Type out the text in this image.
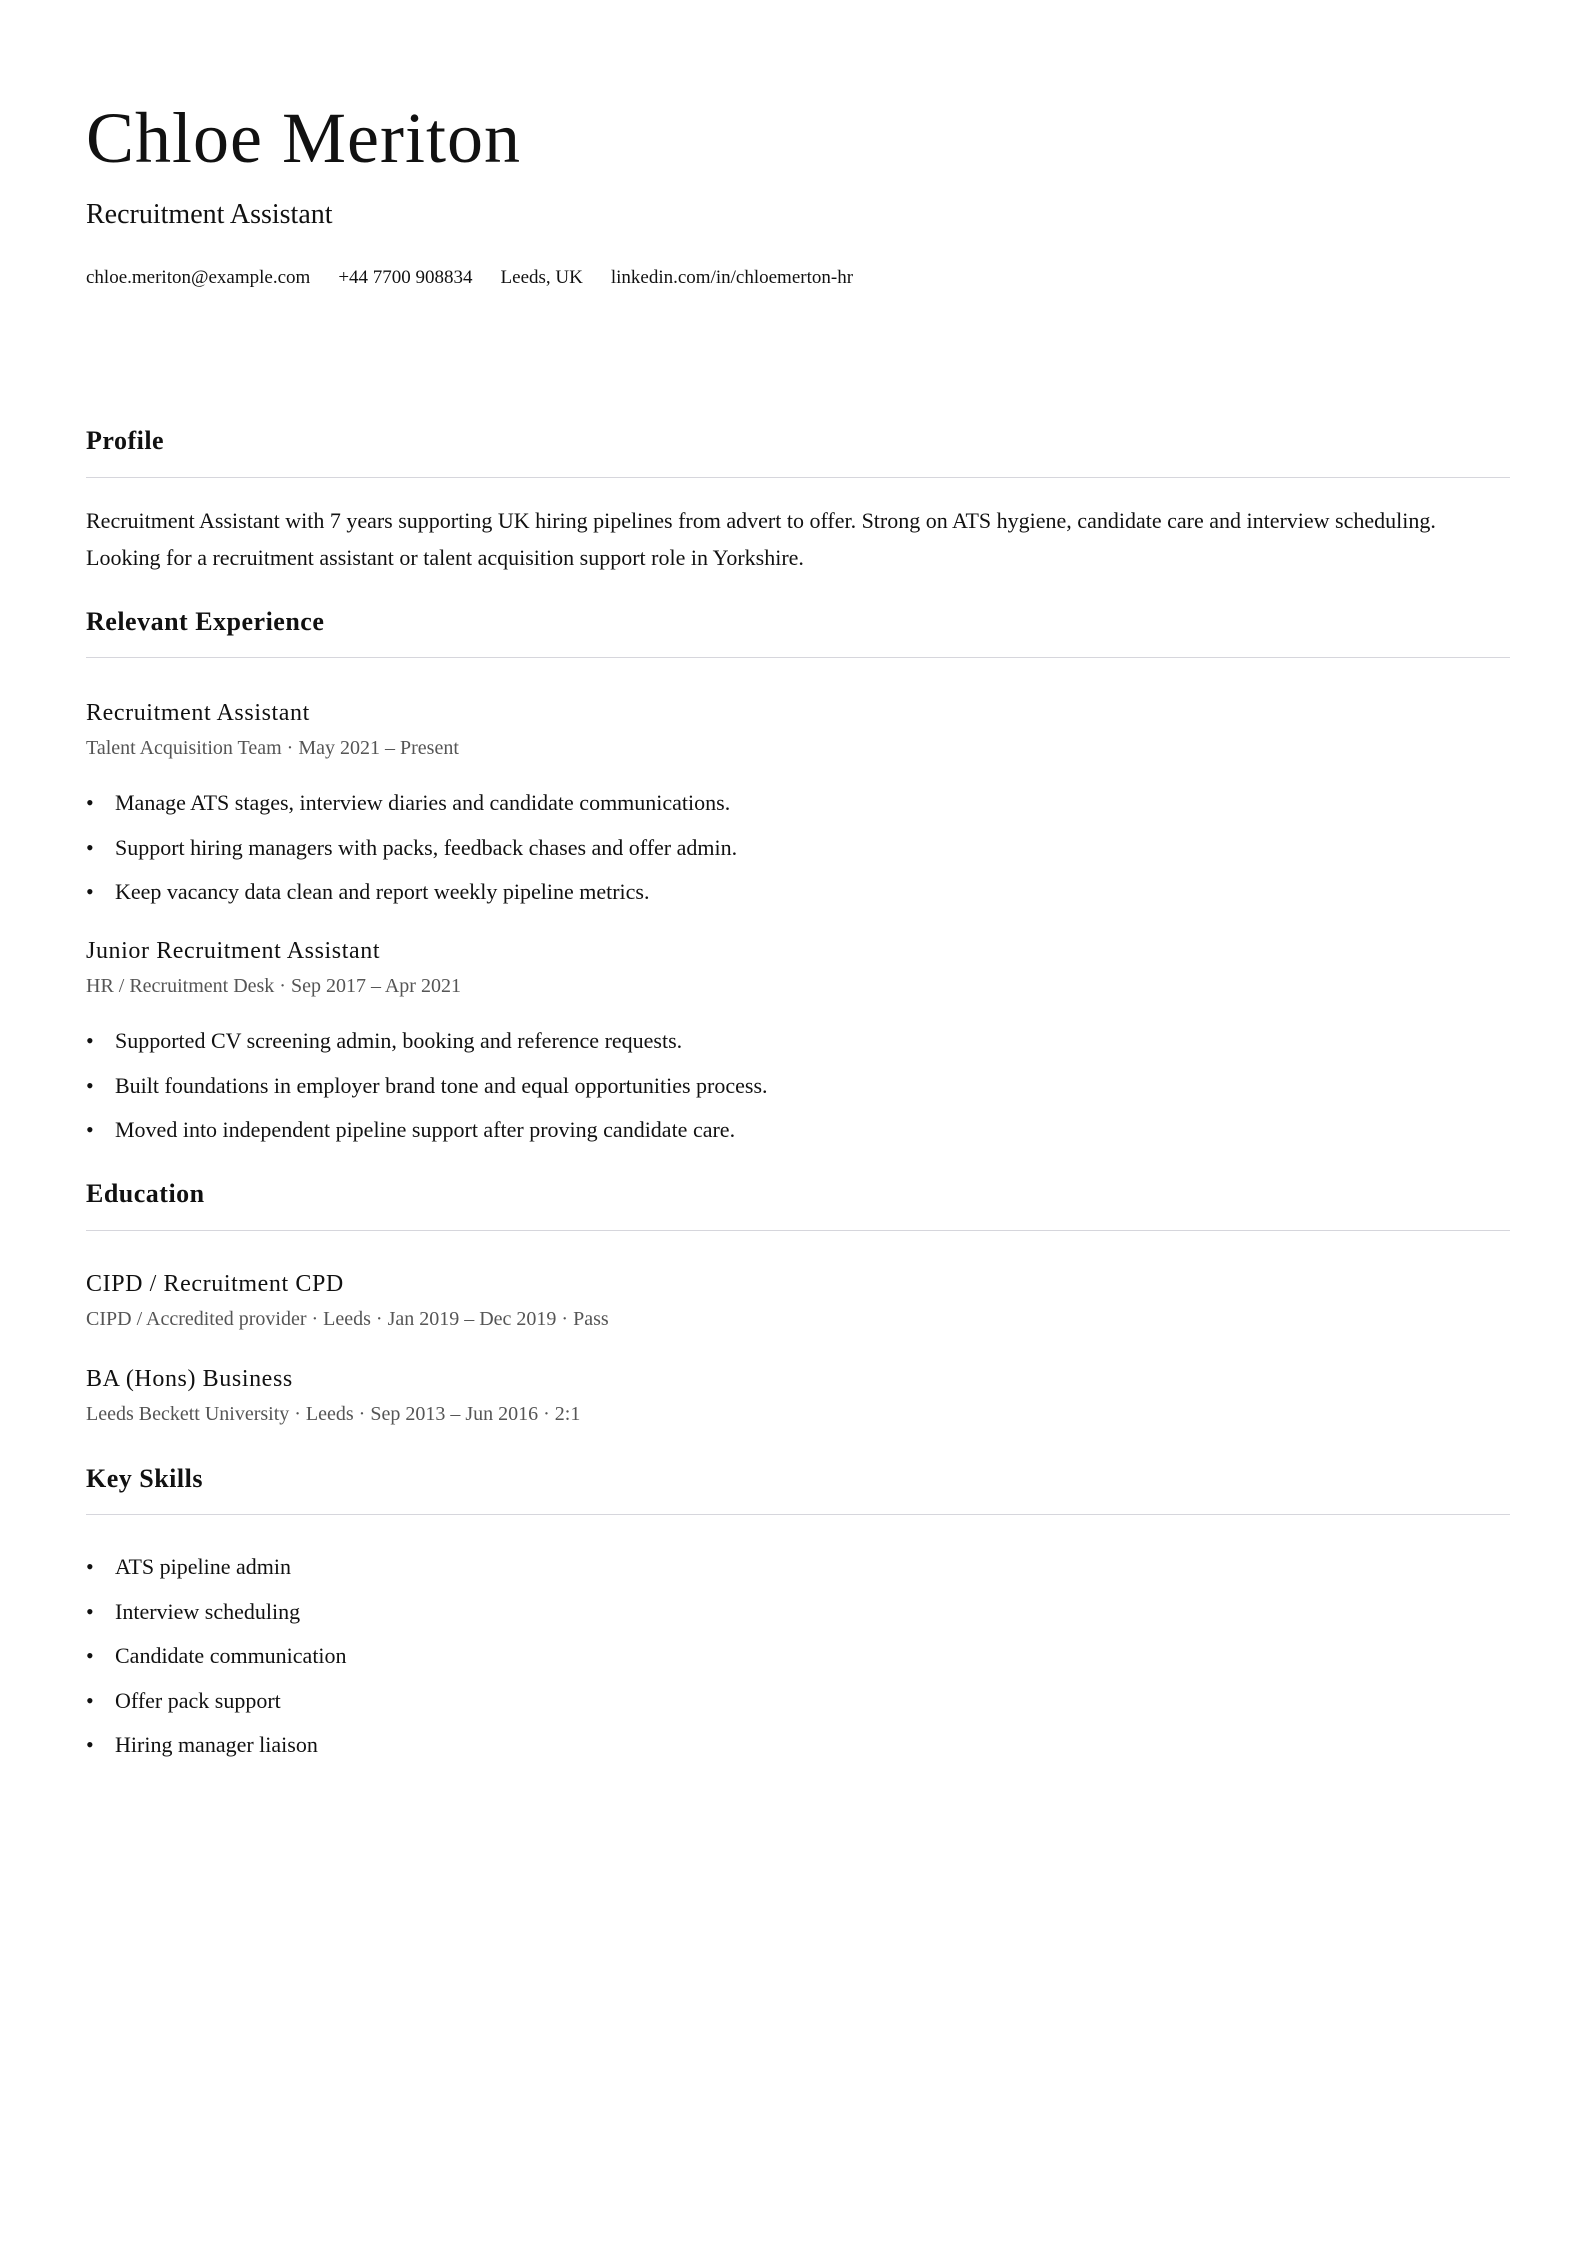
Chloe Meriton
Recruitment Assistant
chloe.meriton@example.com +44 7700 908834 Leeds, UK linkedin.com/in/chloemerton-hr
Profile

Recruitment Assistant with 7 years supporting UK hiring pipelines from advert to offer. Strong on ATS hygiene, candidate care and interview scheduling. Looking for a recruitment assistant or talent acquisition support role in Yorkshire.

Relevant Experience
Recruitment Assistant
Talent Acquisition Team · May 2021 – Present
• Manage ATS stages, interview diaries and candidate communications.
• Support hiring managers with packs, feedback chases and offer admin.
• Keep vacancy data clean and report weekly pipeline metrics.
Junior Recruitment Assistant
HR / Recruitment Desk · Sep 2017 – Apr 2021
• Supported CV screening admin, booking and reference requests.
• Built foundations in employer brand tone and equal opportunities process.
• Moved into independent pipeline support after proving candidate care.
Education
CIPD / Recruitment CPD
CIPD / Accredited provider · Leeds · Jan 2019 – Dec 2019 · Pass
BA (Hons) Business
Leeds Beckett University · Leeds · Sep 2013 – Jun 2016 · 2:1
Key Skills
• ATS pipeline admin
• Interview scheduling
• Candidate communication
• Offer pack support
• Hiring manager liaison
